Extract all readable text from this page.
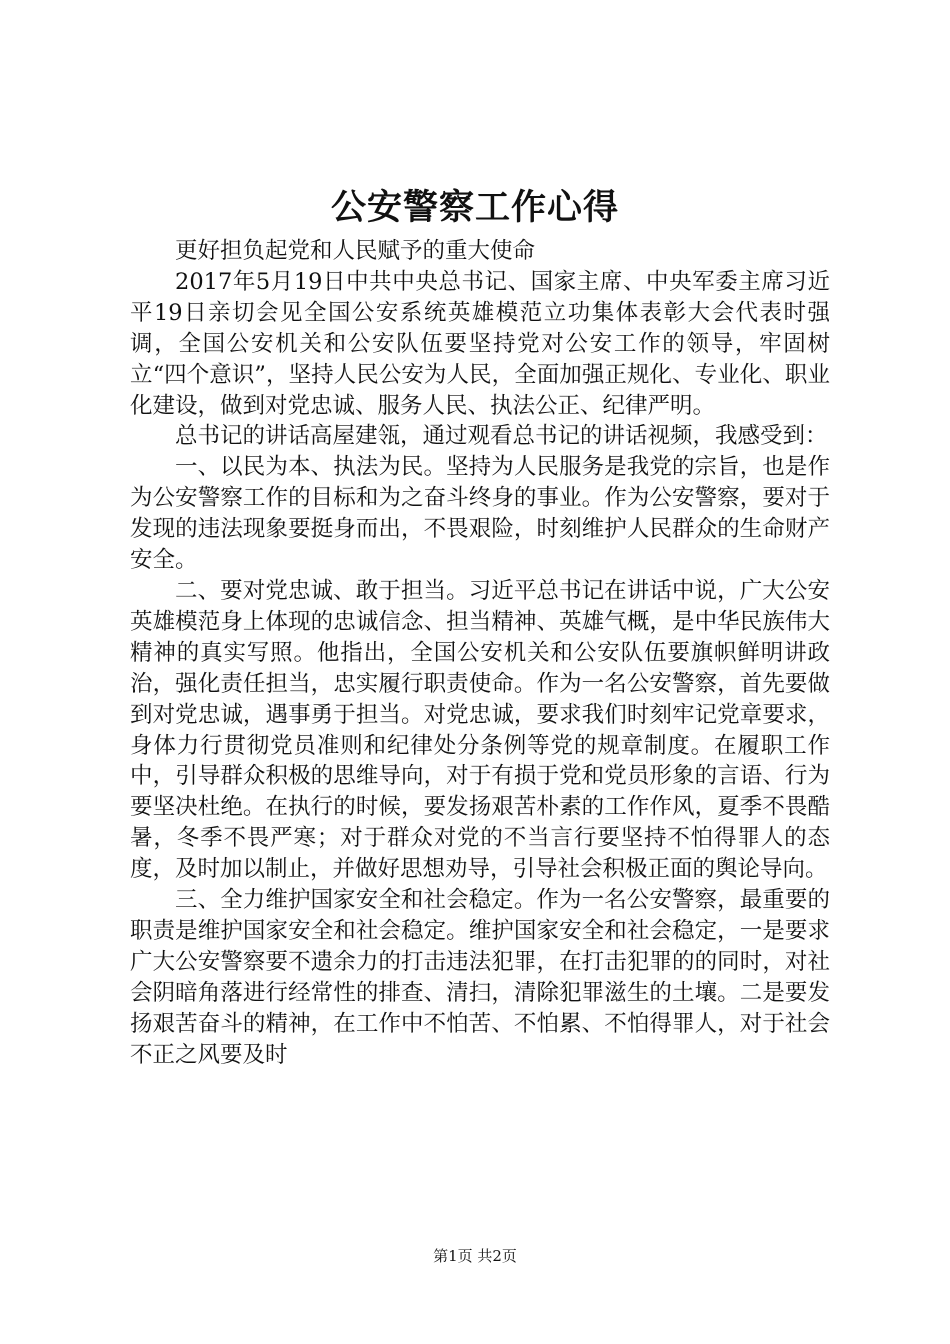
公安警察工作心得

更好担负起党和人民赋予的重大使命

2017年5月19日中共中央总书记、国家主席、中央军委主席习近平19日亲切会见全国公安系统英雄模范立功集体表彰大会代表时强调，全国公安机关和公安队伍要坚持党对公安工作的领导，牢固树立“四个意识”，坚持人民公安为人民，全面加强正规化、专业化、职业化建设，做到对党忠诚、服务人民、执法公正、纪律严明。

总书记的讲话高屋建瓴，通过观看总书记的讲话视频，我感受到：

一、以民为本、执法为民。坚持为人民服务是我党的宗旨，也是作为公安警察工作的目标和为之奋斗终身的事业。作为公安警察，要对于发现的违法现象要挺身而出，不畏艰险，时刻维护人民群众的生命财产安全。

二、要对党忠诚、敢于担当。习近平总书记在讲话中说，广大公安英雄模范身上体现的忠诚信念、担当精神、英雄气概，是中华民族伟大精神的真实写照。他指出，全国公安机关和公安队伍要旗帜鲜明讲政治，强化责任担当，忠实履行职责使命。作为一名公安警察，首先要做到对党忠诚，遇事勇于担当。对党忠诚，要求我们时刻牢记党章要求，身体力行贯彻党员准则和纪律处分条例等党的规章制度。在履职工作中，引导群众积极的思维导向，对于有损于党和党员形象的言语、行为要坚决杜绝。在执行的时候，要发扬艰苦朴素的工作作风，夏季不畏酷暑，冬季不畏严寒；对于群众对党的不当言行要坚持不怕得罪人的态度，及时加以制止，并做好思想劝导，引导社会积极正面的舆论导向。

三、全力维护国家安全和社会稳定。作为一名公安警察，最重要的职责是维护国家安全和社会稳定。维护国家安全和社会稳定，一是要求广大公安警察要不遗余力的打击违法犯罪，在打击犯罪的的同时，对社会阴暗角落进行经常性的排查、清扫，清除犯罪滋生的土壤。二是要发扬艰苦奋斗的精神，在工作中不怕苦、不怕累、不怕得罪人，对于社会不正之风要及时

第1页 共2页
